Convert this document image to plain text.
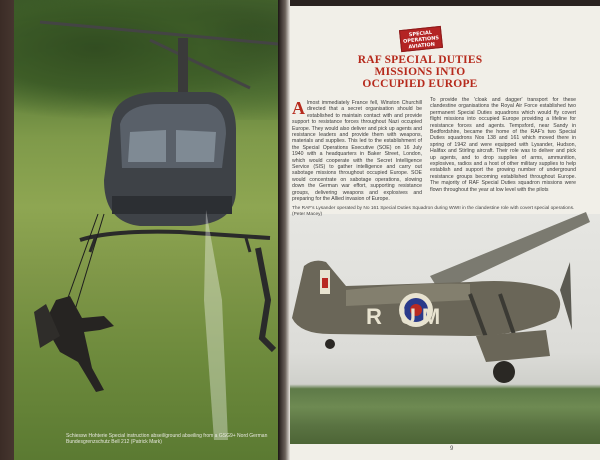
R UM
SPECIAL OPERATIONS AVIATION
RAF SPECIAL DUTIES
MISSIONS INTO
OCCUPIED EUROPE
Almost immediately France fell, Winston Churchill directed that a secret organisation should be established to maintain contact with and provide support to resistance forces throughout Nazi occupied Europe. They would also deliver and pick up agents and resistance leaders and provide them with weapons, materials and supplies. This led to the establishment of the Special Operations Executive (SOE) on 16 July 1940 with a headquarters in Baker Street, London, which would cooperate with the Secret Intelligence Service (SIS) to gather intelligence and carry out sabotage missions throughout occupied Europe. SOE would concentrate on sabotage operations, slowing down the German war effort, supporting resistance groups, delivering weapons and explosives and preparing for the Allied invasion of Europe.
To provide the 'cloak and dagger' transport for these clandestine organisations the Royal Air Force established two permanent Special Duties squadrons which would fly covert flight missions into occupied Europe providing a lifeline for resistance forces and agents. Tempsford, near Sandy in Bedfordshire, became the home of the RAF's two Special Duties squadrons Nos 138 and 161 which moved there in spring of 1942 and were equipped with Lysander, Hudson, Halifax and Stirling aircraft. Their role was to deliver and pick up agents, and to drop supplies of arms, ammunition, explosives, radios and a host of other military supplies to help establish and support the growing number of underground resistance groups becoming established throughout Europe. The majority of RAF Special Duties squadron missions were flown throughout the year at low level with the pilots
The RAF's Lysander operated by No 161 Special Duties Squadron during WWII in the clandestine role with covert special operations. (Peter Macey)
Schiessw Hohterie Special instruction abseil/ground abseiling from a GSG9+ Nord German Bundesgrenzschutz Bell 212 (Patrick Mark)
9
